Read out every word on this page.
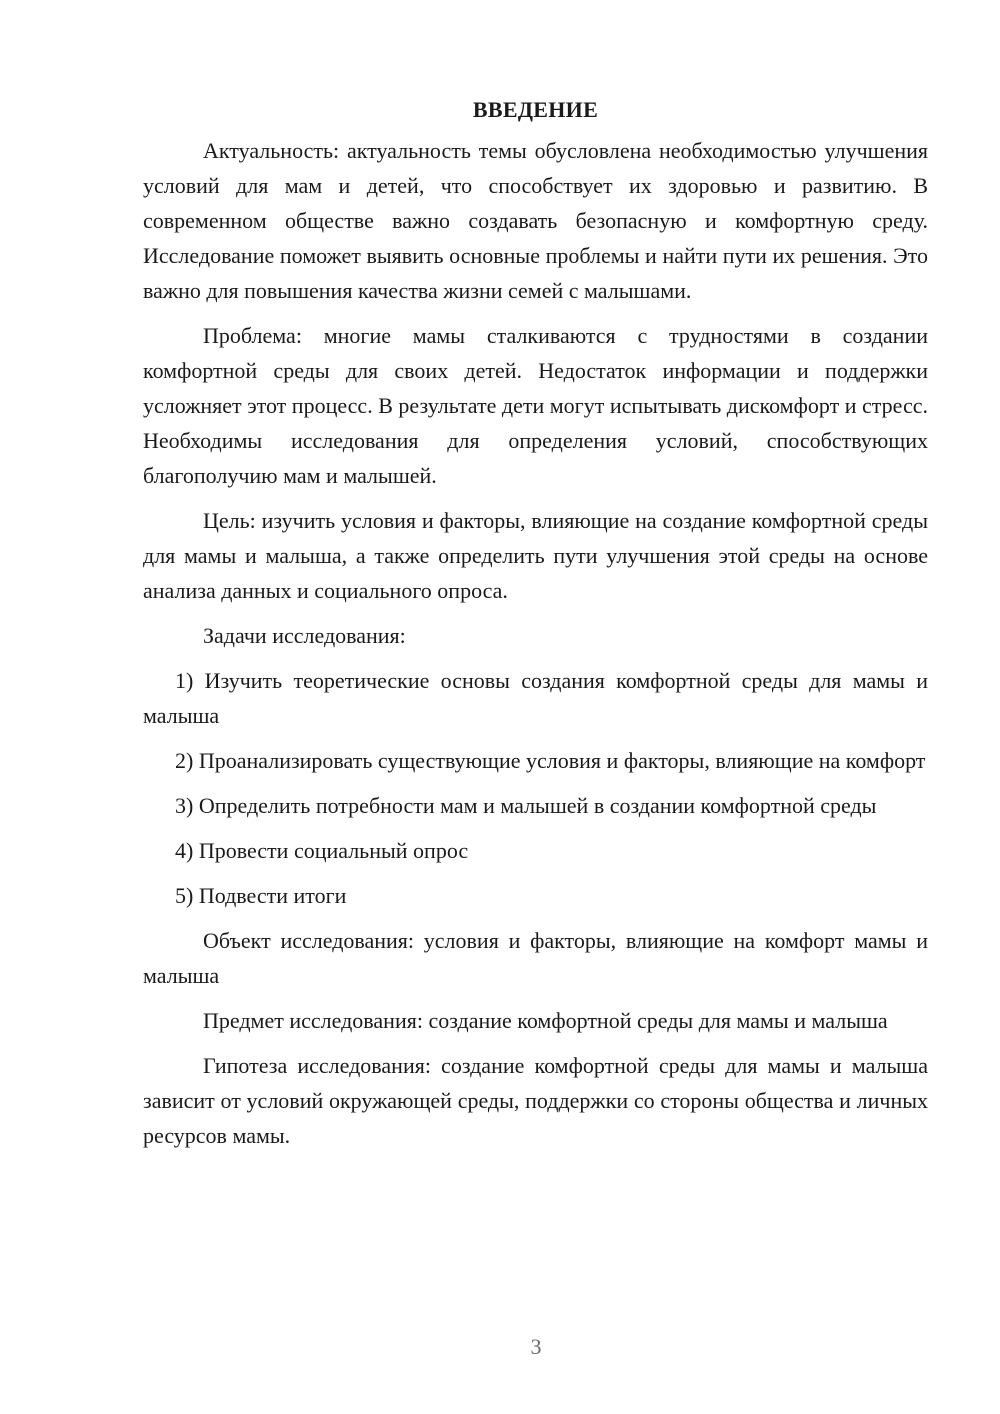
ВВЕДЕНИЕ

Актуальность: актуальность темы обусловлена необходимостью улучшения условий для мам и детей, что способствует их здоровью и развитию. В современном обществе важно создавать безопасную и комфортную среду. Исследование поможет выявить основные проблемы и найти пути их решения. Это важно для повышения качества жизни семей с малышами.

Проблема: многие мамы сталкиваются с трудностями в создании комфортной среды для своих детей. Недостаток информации и поддержки усложняет этот процесс. В результате дети могут испытывать дискомфорт и стресс. Необходимы исследования для определения условий, способствующих благополучию мам и малышей.

Цель: изучить условия и факторы, влияющие на создание комфортной среды для мамы и малыша, а также определить пути улучшения этой среды на основе анализа данных и социального опроса.

Задачи исследования:

1) Изучить теоретические основы создания комфортной среды для мамы и малыша

2) Проанализировать существующие условия и факторы, влияющие на комфорт

3) Определить потребности мам и малышей в создании комфортной среды

4) Провести социальный опрос

5) Подвести итоги

Объект исследования: условия и факторы, влияющие на комфорт мамы и малыша

Предмет исследования: создание комфортной среды для мамы и малыша

Гипотеза исследования: создание комфортной среды для мамы и малыша зависит от условий окружающей среды, поддержки со стороны общества и личных ресурсов мамы.

3
